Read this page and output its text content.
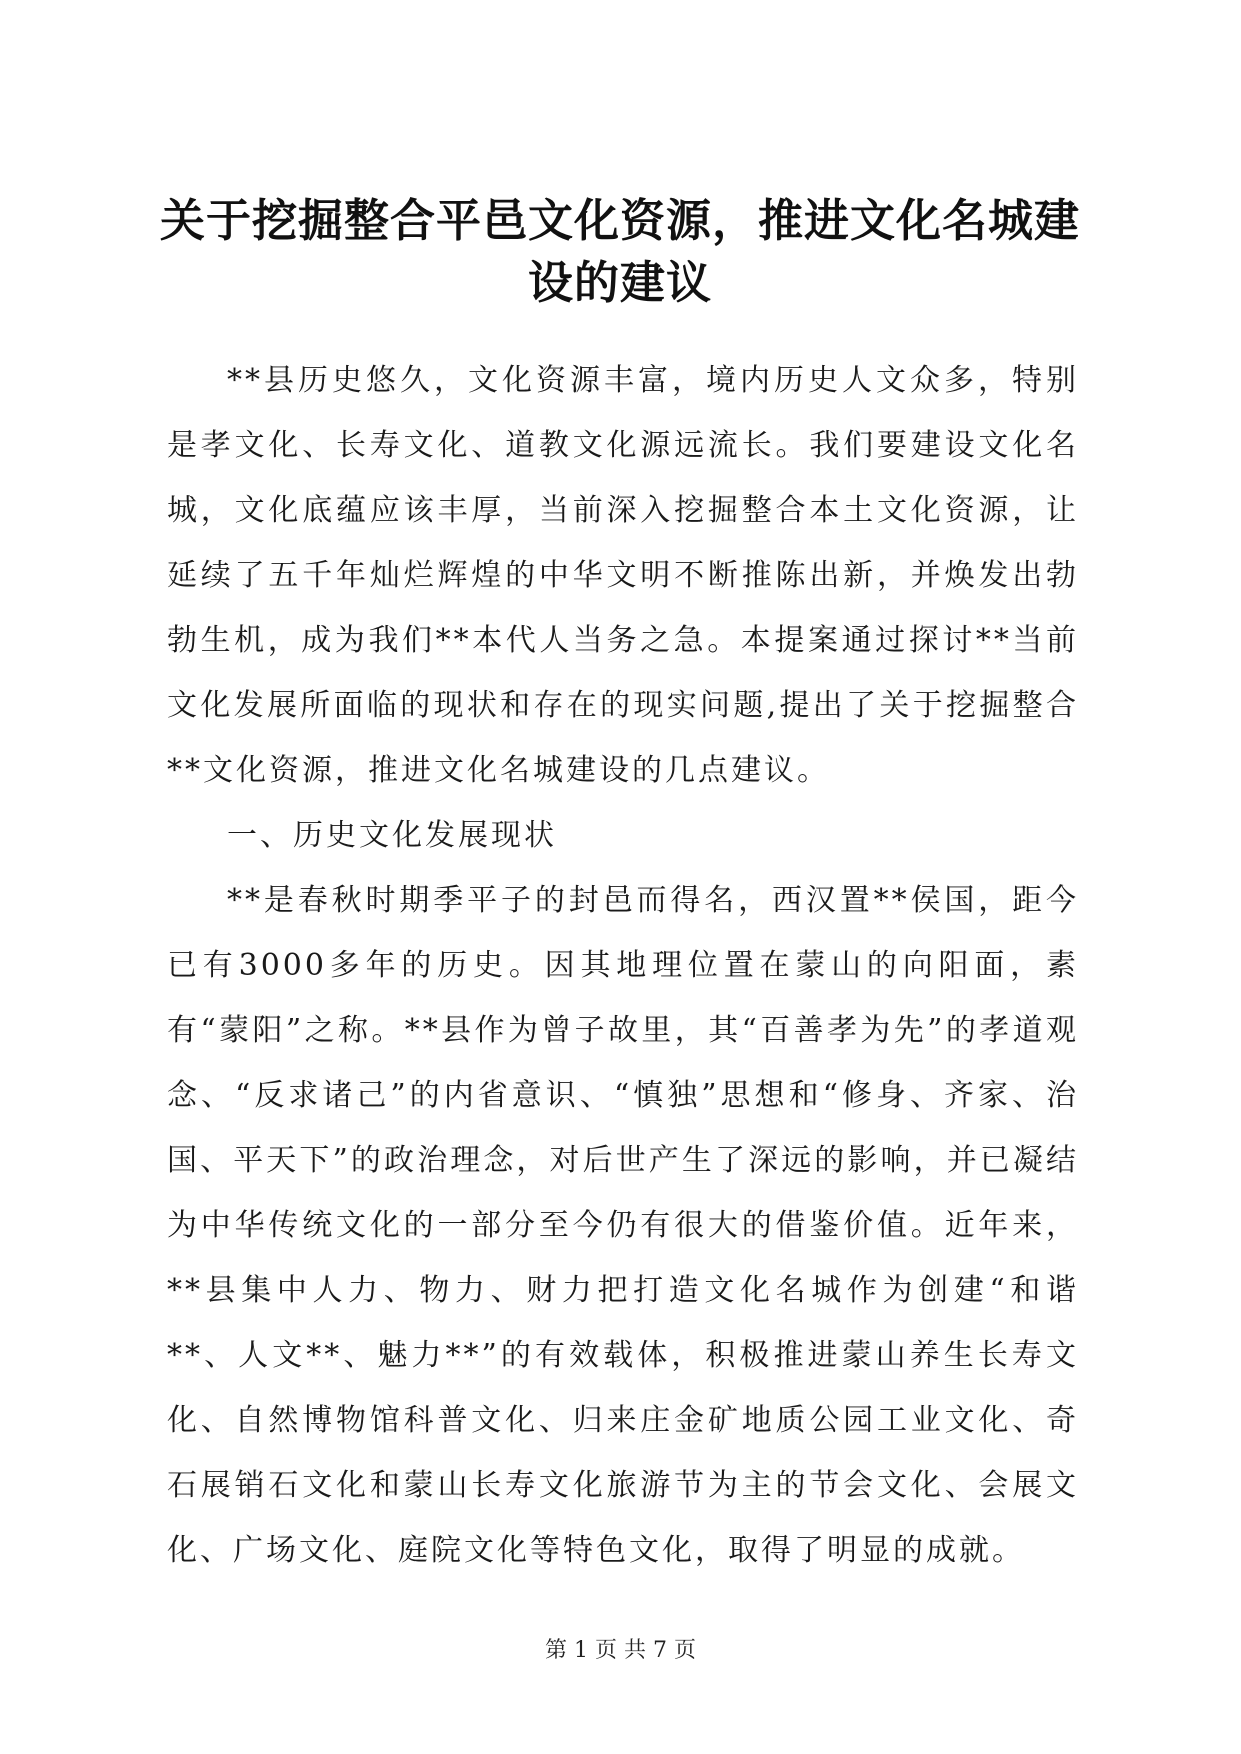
关于挖掘整合平邑文化资源，推进文化名城建设的建议

**县历史悠久，文化资源丰富，境内历史人文众多，特别是孝文化、长寿文化、道教文化源远流长。我们要建设文化名城，文化底蕴应该丰厚，当前深入挖掘整合本土文化资源，让延续了五千年灿烂辉煌的中华文明不断推陈出新，并焕发出勃勃生机，成为我们**本代人当务之急。本提案通过探讨**当前文化发展所面临的现状和存在的现实问题,提出了关于挖掘整合**文化资源，推进文化名城建设的几点建议。

一、历史文化发展现状

**是春秋时期季平子的封邑而得名，西汉置**侯国，距今已有3000多年的历史。因其地理位置在蒙山的向阳面，素有“蒙阳”之称。**县作为曾子故里，其“百善孝为先”的孝道观念、“反求诸己”的内省意识、“慎独”思想和“修身、齐家、治国、平天下”的政治理念，对后世产生了深远的影响，并已凝结为中华传统文化的一部分至今仍有很大的借鉴价值。近年来，**县集中人力、物力、财力把打造文化名城作为创建“和谐**、人文**、魅力**”的有效载体，积极推进蒙山养生长寿文化、自然博物馆科普文化、归来庄金矿地质公园工业文化、奇石展销石文化和蒙山长寿文化旅游节为主的节会文化、会展文化、广场文化、庭院文化等特色文化，取得了明显的成就。

第 1 页 共 7 页
